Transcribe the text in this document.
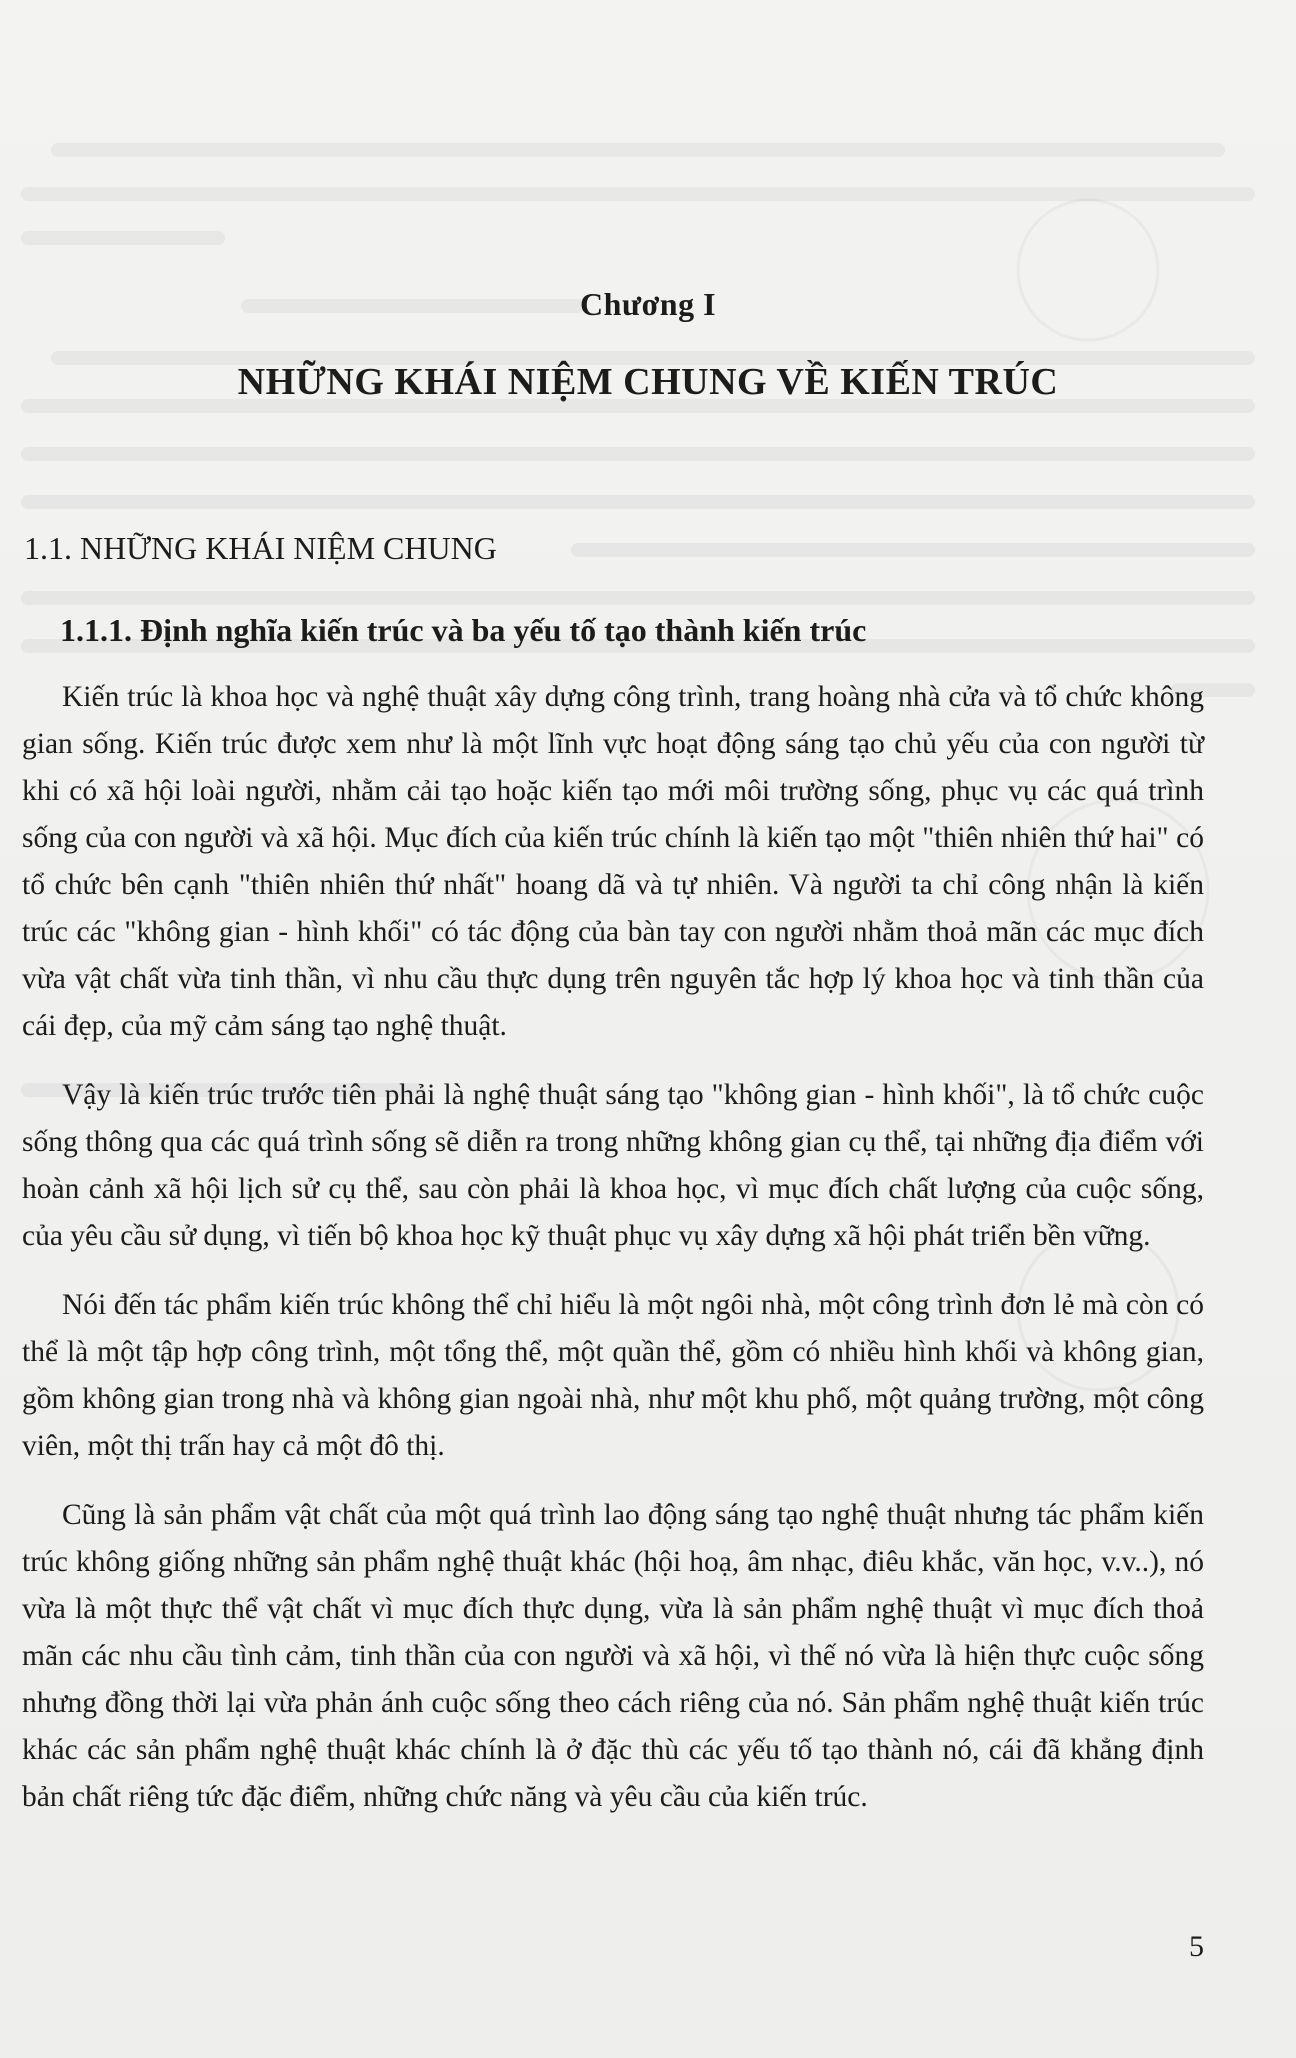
Chương I
NHỮNG KHÁI NIỆM CHUNG VỀ KIẾN TRÚC
1.1. NHỮNG KHÁI NIỆM CHUNG
1.1.1. Định nghĩa kiến trúc và ba yếu tố tạo thành kiến trúc

Kiến trúc là khoa học và nghệ thuật xây dựng công trình, trang hoàng nhà cửa và tổ chức không gian sống. Kiến trúc được xem như là một lĩnh vực hoạt động sáng tạo chủ yếu của con người từ khi có xã hội loài người, nhằm cải tạo hoặc kiến tạo mới môi trường sống, phục vụ các quá trình sống của con người và xã hội. Mục đích của kiến trúc chính là kiến tạo một "thiên nhiên thứ hai" có tổ chức bên cạnh "thiên nhiên thứ nhất" hoang dã và tự nhiên. Và người ta chỉ công nhận là kiến trúc các "không gian - hình khối" có tác động của bàn tay con người nhằm thoả mãn các mục đích vừa vật chất vừa tinh thần, vì nhu cầu thực dụng trên nguyên tắc hợp lý khoa học và tinh thần của cái đẹp, của mỹ cảm sáng tạo nghệ thuật.

Vậy là kiến trúc trước tiên phải là nghệ thuật sáng tạo "không gian - hình khối", là tổ chức cuộc sống thông qua các quá trình sống sẽ diễn ra trong những không gian cụ thể, tại những địa điểm với hoàn cảnh xã hội lịch sử cụ thể, sau còn phải là khoa học, vì mục đích chất lượng của cuộc sống, của yêu cầu sử dụng, vì tiến bộ khoa học kỹ thuật phục vụ xây dựng xã hội phát triển bền vững.

Nói đến tác phẩm kiến trúc không thể chỉ hiểu là một ngôi nhà, một công trình đơn lẻ mà còn có thể là một tập hợp công trình, một tổng thể, một quần thể, gồm có nhiều hình khối và không gian, gồm không gian trong nhà và không gian ngoài nhà, như một khu phố, một quảng trường, một công viên, một thị trấn hay cả một đô thị.

Cũng là sản phẩm vật chất của một quá trình lao động sáng tạo nghệ thuật nhưng tác phẩm kiến trúc không giống những sản phẩm nghệ thuật khác (hội hoạ, âm nhạc, điêu khắc, văn học, v.v..), nó vừa là một thực thể vật chất vì mục đích thực dụng, vừa là sản phẩm nghệ thuật vì mục đích thoả mãn các nhu cầu tình cảm, tinh thần của con người và xã hội, vì thế nó vừa là hiện thực cuộc sống nhưng đồng thời lại vừa phản ánh cuộc sống theo cách riêng của nó. Sản phẩm nghệ thuật kiến trúc khác các sản phẩm nghệ thuật khác chính là ở đặc thù các yếu tố tạo thành nó, cái đã khẳng định bản chất riêng tức đặc điểm, những chức năng và yêu cầu của kiến trúc.

5
